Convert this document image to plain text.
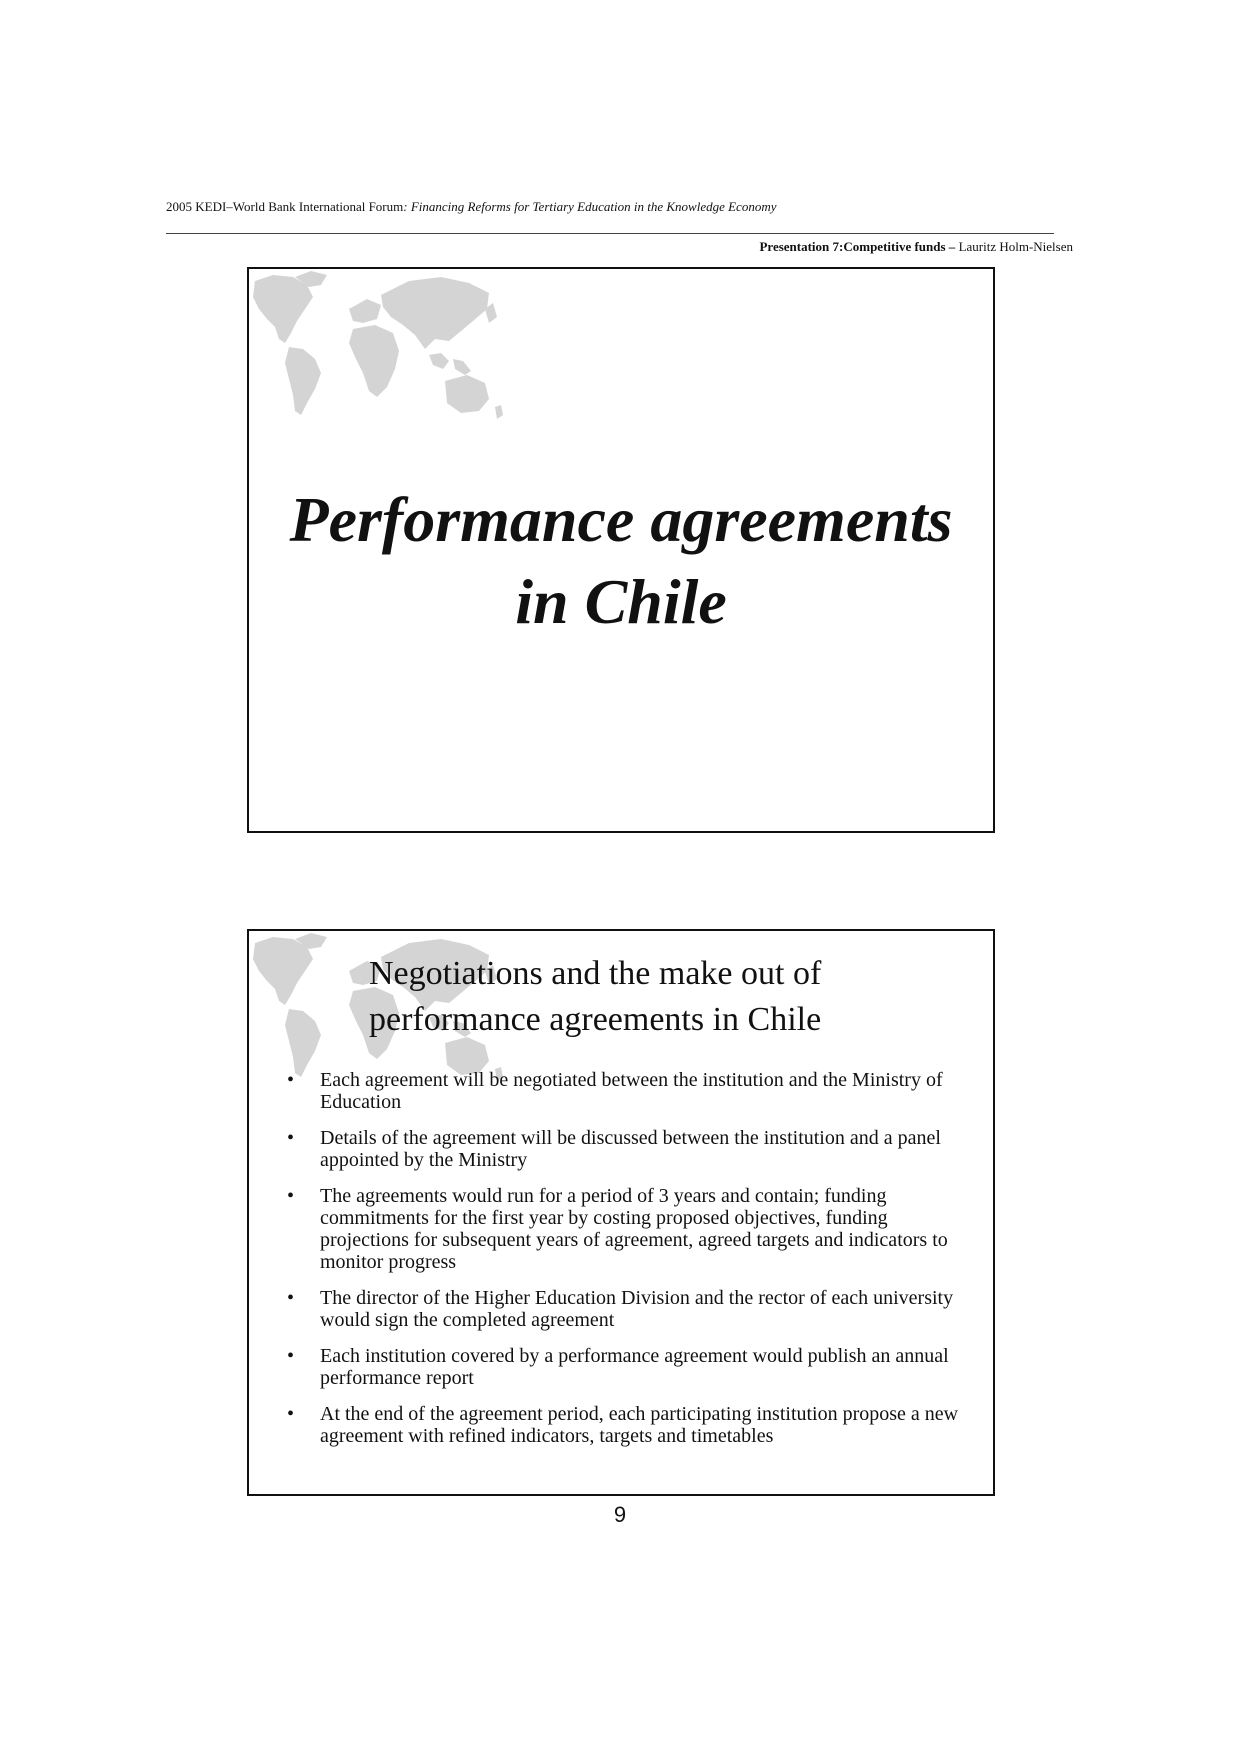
2005 KEDI–World Bank International Forum: Financing Reforms for Tertiary Education in the Knowledge Economy
Presentation 7:Competitive funds – Lauritz Holm-Nielsen
Performance agreements
in Chile
Negotiations and the make out of
performance agreements in Chile
• Each agreement will be negotiated between the institution and the Ministry of Education
• Details of the agreement will be discussed between the institution and a panel appointed by the Ministry
• The agreements would run for a period of 3 years and contain; funding commitments for the first year by costing proposed objectives, funding projections for subsequent years of agreement, agreed targets and indicators to monitor progress
• The director of the Higher Education Division and the rector of each university would sign the completed agreement
• Each institution covered by a performance agreement would publish an annual performance report
• At the end of the agreement period, each participating institution propose a new agreement with refined indicators, targets and timetables
9
